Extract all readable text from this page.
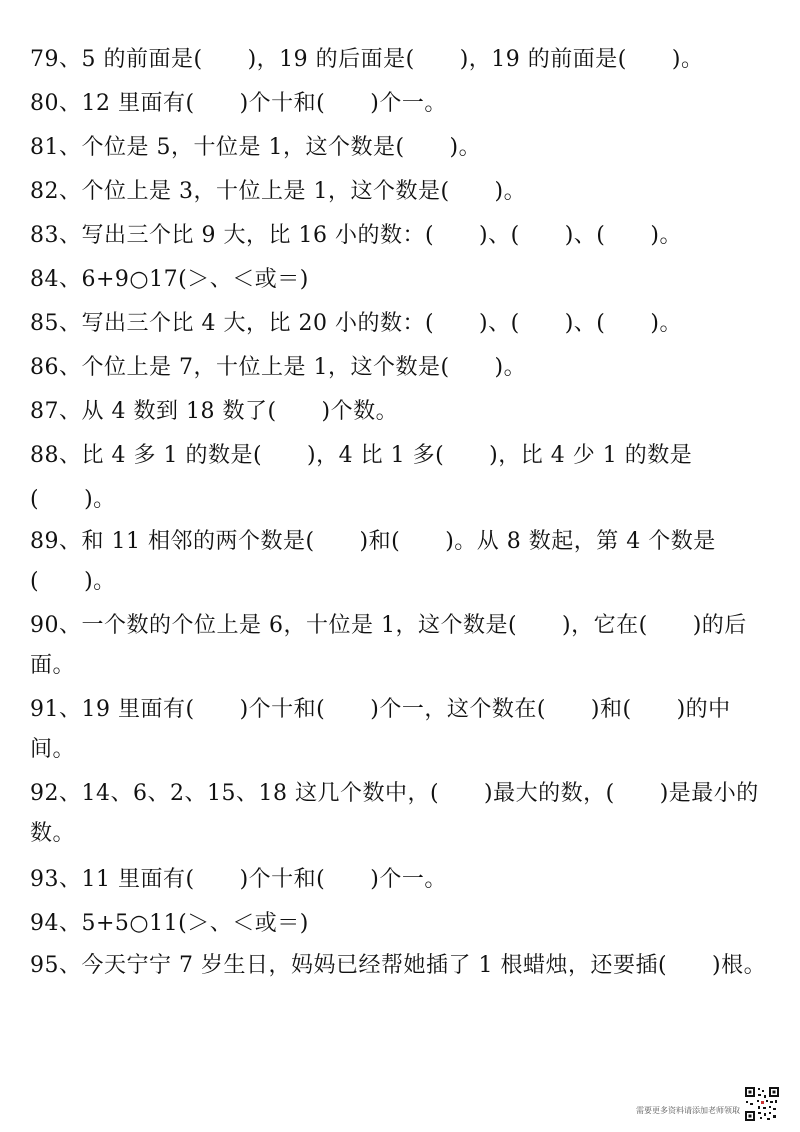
79、5 的前面是(　　)，19 的后面是(　　)，19 的前面是(　　)。

80、12 里面有(　　)个十和(　　)个一。

81、个位是 5，十位是 1，这个数是(　　)。

82、个位上是 3，十位上是 1，这个数是(　　)。

83、写出三个比 9 大，比 16 小的数：(　　)、(　　)、(　　)。

84、6+9○17(＞、＜或＝)

85、写出三个比 4 大，比 20 小的数：(　　)、(　　)、(　　)。

86、个位上是 7，十位上是 1，这个数是(　　)。

87、从 4 数到 18 数了(　　)个数。

88、比 4 多 1 的数是(　　)，4 比 1 多(　　)，比 4 少 1 的数是(　　)。

89、和 11 相邻的两个数是(　　)和(　　)。从 8 数起，第 4 个数是(　　)。

90、一个数的个位上是 6，十位是 1，这个数是(　　)，它在(　　)的后面。

91、19 里面有(　　)个十和(　　)个一，这个数在(　　)和(　　)的中间。

92、14、6、2、15、18 这几个数中，(　　)最大的数，(　　)是最小的数。

93、11 里面有(　　)个十和(　　)个一。

94、5+5○11(＞、＜或＝)

95、今天宁宁 7 岁生日，妈妈已经帮她插了 1 根蜡烛，还要插(　　)根。

需要更多资料请添加老师领取
